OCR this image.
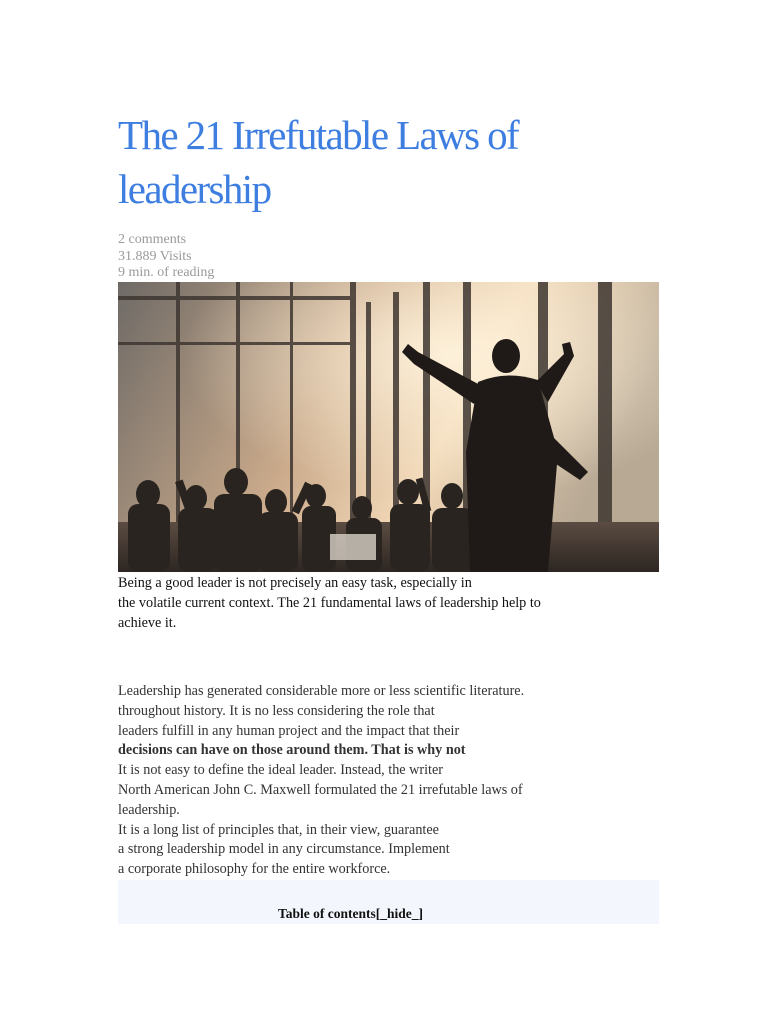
The 21 Irrefutable Laws of leadership
2 comments
31.889 Visits
9 min. of reading
Being a good leader is not precisely an easy task, especially in
the volatile current context. The 21 fundamental laws of leadership help to
achieve it.
Leadership has generated considerable more or less scientific literature.
throughout history. It is no less considering the role that
leaders fulfill in any human project and the impact that their
decisions can have on those around them. That is why not
It is not easy to define the ideal leader. Instead, the writer
North American John C. Maxwell formulated the 21 irrefutable laws of
leadership.
It is a long list of principles that, in their view, guarantee
a strong leadership model in any circumstance. Implement
a corporate philosophy for the entire workforce.
Table of contents[_hide_]
